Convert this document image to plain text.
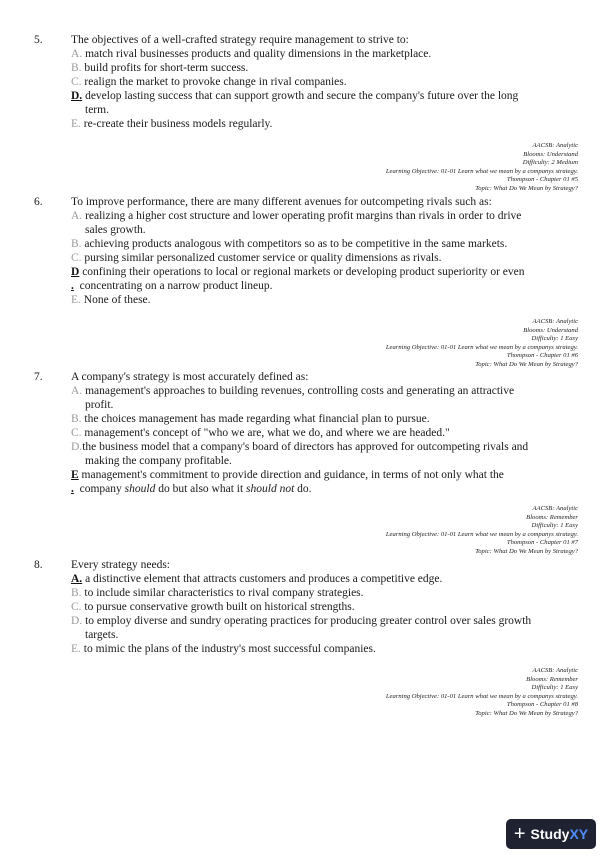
5. The objectives of a well-crafted strategy require management to strive to:
A. match rival businesses products and quality dimensions in the marketplace.
B. build profits for short-term success.
C. realign the market to provoke change in rival companies.
D. develop lasting success that can support growth and secure the company's future over the long
term.
E. re-create their business models regularly.
AACSB: Analytic
Blooms: Understand
Difficulty: 2 Medium
Learning Objective: 01-01 Learn what we mean by a companys strategy.
Thompson - Chapter 01 #5
Topic: What Do We Mean by Strategy?
6. To improve performance, there are many different avenues for outcompeting rivals such as:
A. realizing a higher cost structure and lower operating profit margins than rivals in order to drive
sales growth.
B. achieving products analogous with competitors so as to be competitive in the same markets.
C. pursing similar personalized customer service or quality dimensions as rivals.
D confining their operations to local or regional markets or developing product superiority or even
. concentrating on a narrow product lineup.
E. None of these.
AACSB: Analytic
Blooms: Understand
Difficulty: 1 Easy
Learning Objective: 01-01 Learn what we mean by a companys strategy.
Thompson - Chapter 01 #6
Topic: What Do We Mean by Strategy?
7. A company's strategy is most accurately defined as:
A. management's approaches to building revenues, controlling costs and generating an attractive
profit.
B. the choices management has made regarding what financial plan to pursue.
C. management's concept of "who we are, what we do, and where we are headed."
D.the business model that a company's board of directors has approved for outcompeting rivals and
making the company profitable.
E management's commitment to provide direction and guidance, in terms of not only what the
. company should do but also what it should not do.
AACSB: Analytic
Blooms: Remember
Difficulty: 1 Easy
Learning Objective: 01-01 Learn what we mean by a companys strategy.
Thompson - Chapter 01 #7
Topic: What Do We Mean by Strategy?
8. Every strategy needs:
A. a distinctive element that attracts customers and produces a competitive edge.
B. to include similar characteristics to rival company strategies.
C. to pursue conservative growth built on historical strengths.
D. to employ diverse and sundry operating practices for producing greater control over sales growth
targets.
E. to mimic the plans of the industry's most successful companies.
AACSB: Analytic
Blooms: Remember
Difficulty: 1 Easy
Learning Objective: 01-01 Learn what we mean by a companys strategy.
Thompson - Chapter 01 #8
Topic: What Do We Mean by Strategy?
+ Study XY
